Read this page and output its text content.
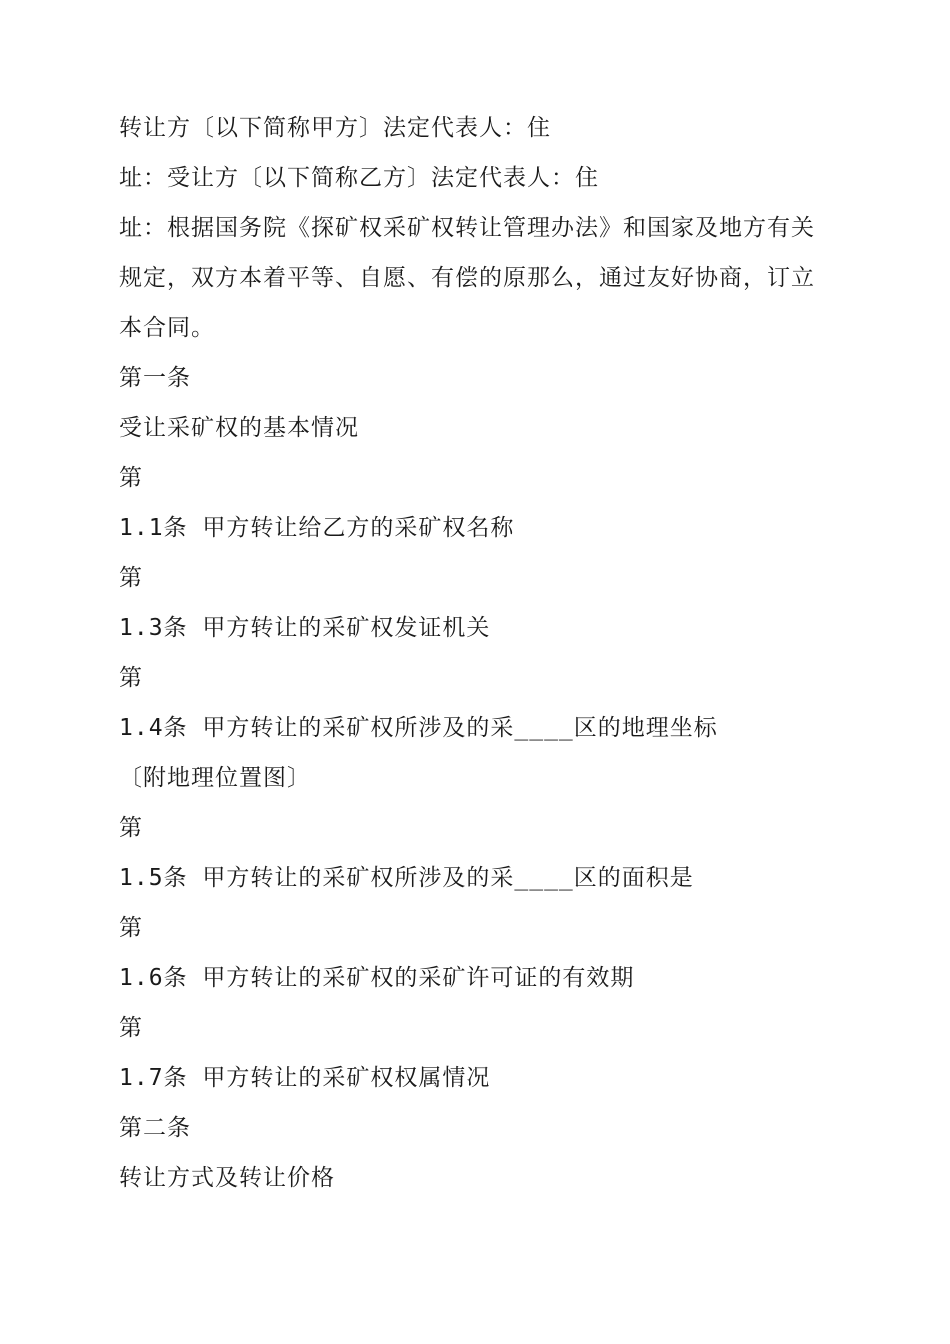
转让方〔以下简称甲方〕法定代表人：住
址：受让方〔以下简称乙方〕法定代表人：住
址：根据国务院《探矿权采矿权转让管理办法》和国家及地方有关
规定，双方本着平等、自愿、有偿的原那么，通过友好协商，订立
本合同。
第一条
受让采矿权的基本情况
第
1.1条 甲方转让给乙方的采矿权名称
第
1.3条 甲方转让的采矿权发证机关
第
1.4条 甲方转让的采矿权所涉及的采____区的地理坐标
〔附地理位置图〕
第
1.5条 甲方转让的采矿权所涉及的采____区的面积是
第
1.6条 甲方转让的采矿权的采矿许可证的有效期
第
1.7条 甲方转让的采矿权权属情况
第二条
转让方式及转让价格
